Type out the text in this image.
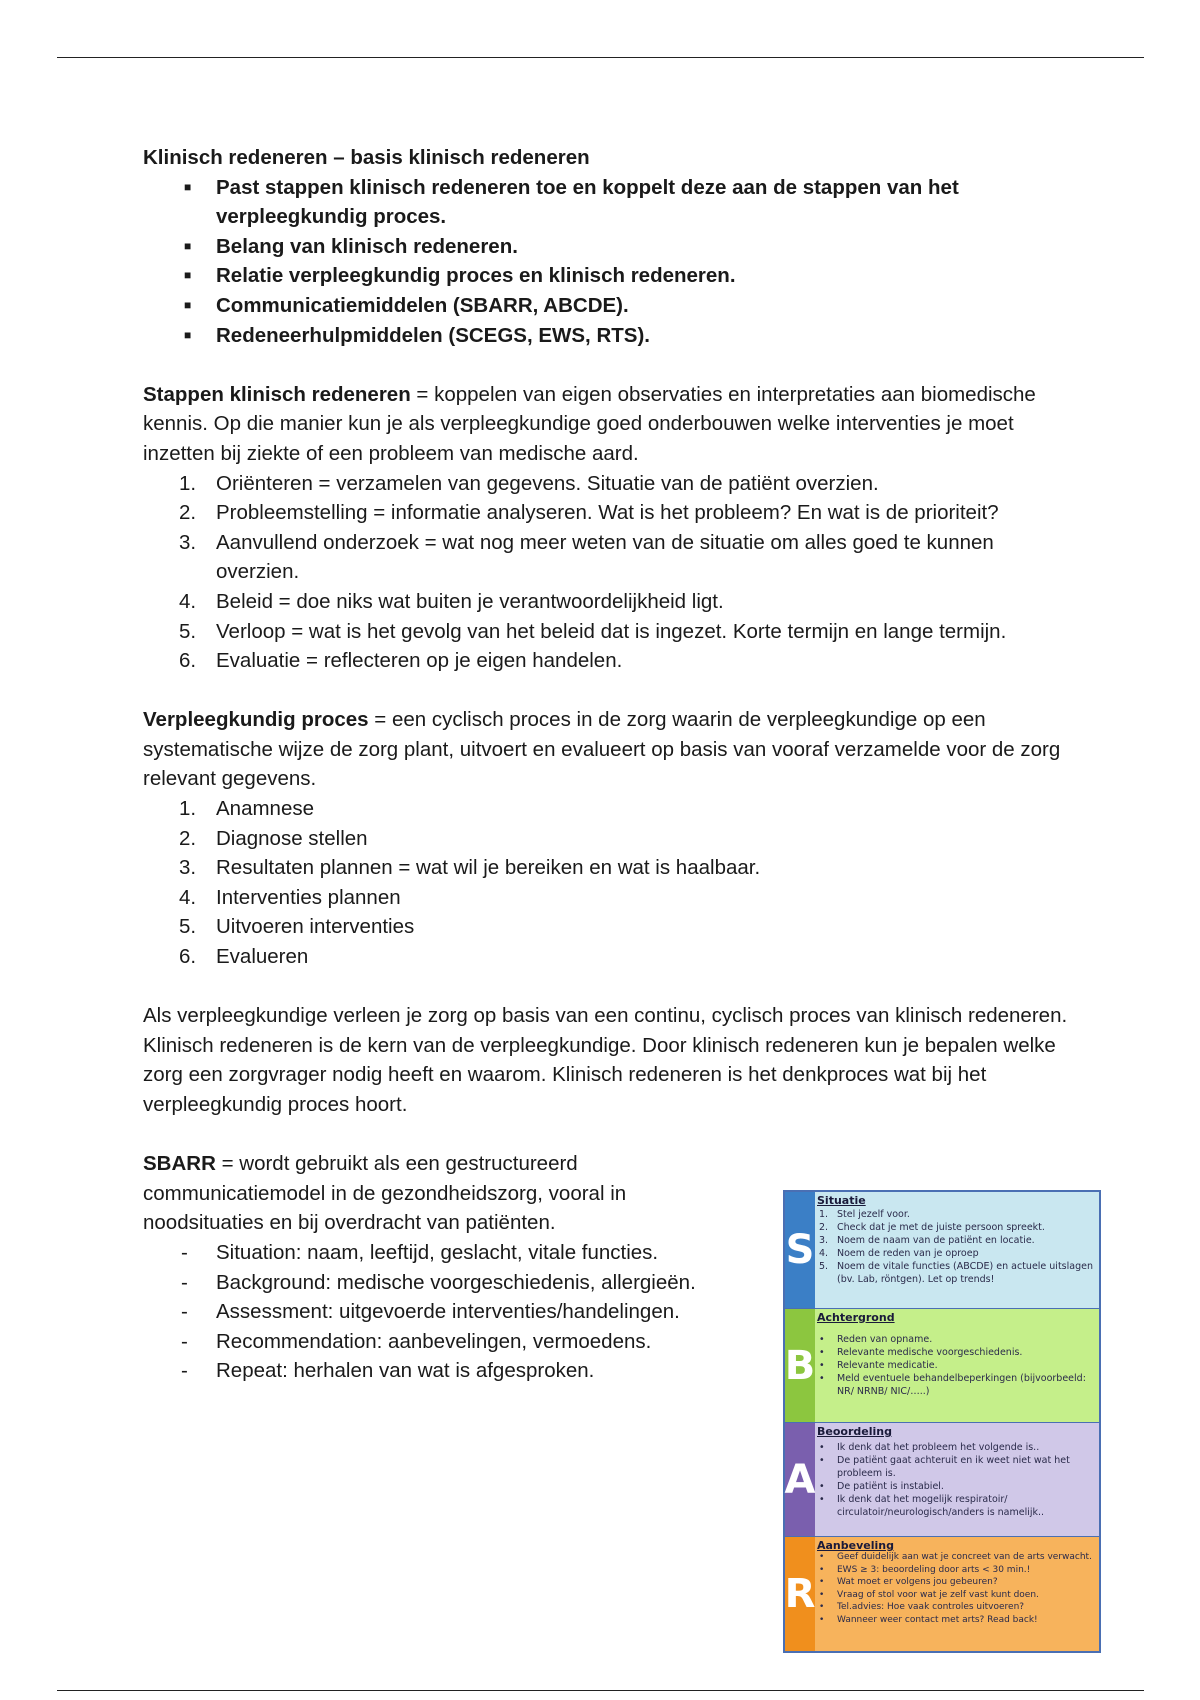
Klinisch redeneren – basis klinisch redeneren

■ Past stappen klinisch redeneren toe en koppelt deze aan de stappen van het verpleegkundig proces.
■ Belang van klinisch redeneren.
■ Relatie verpleegkundig proces en klinisch redeneren.
■ Communicatiemiddelen (SBARR, ABCDE).
■ Redeneerhulpmiddelen (SCEGS, EWS, RTS).

Stappen klinisch redeneren = koppelen van eigen observaties en interpretaties aan biomedische kennis. Op die manier kun je als verpleegkundige goed onderbouwen welke interventies je moet inzetten bij ziekte of een probleem van medische aard.

1. Oriënteren = verzamelen van gegevens. Situatie van de patiënt overzien.
2. Probleemstelling = informatie analyseren. Wat is het probleem? En wat is de prioriteit?
3. Aanvullend onderzoek = wat nog meer weten van de situatie om alles goed te kunnen overzien.
4. Beleid = doe niks wat buiten je verantwoordelijkheid ligt.
5. Verloop = wat is het gevolg van het beleid dat is ingezet. Korte termijn en lange termijn.
6. Evaluatie = reflecteren op je eigen handelen.

Verpleegkundig proces = een cyclisch proces in de zorg waarin de verpleegkundige op een systematische wijze de zorg plant, uitvoert en evalueert op basis van vooraf verzamelde voor de zorg relevant gegevens.

1. Anamnese
2. Diagnose stellen
3. Resultaten plannen = wat wil je bereiken en wat is haalbaar.
4. Interventies plannen
5. Uitvoeren interventies
6. Evalueren

Als verpleegkundige verleen je zorg op basis van een continu, cyclisch proces van klinisch redeneren. Klinisch redeneren is de kern van de verpleegkundige. Door klinisch redeneren kun je bepalen welke zorg een zorgvrager nodig heeft en waarom. Klinisch redeneren is het denkproces wat bij het verpleegkundig proces hoort.

SBARR = wordt gebruikt als een gestructureerd communicatiemodel in de gezondheidszorg, vooral in noodsituaties en bij overdracht van patiënten.

- Situation: naam, leeftijd, geslacht, vitale functies.
- Background: medische voorgeschiedenis, allergieën.
- Assessment: uitgevoerde interventies/handelingen.
- Recommendation: aanbevelingen, vermoedens.
- Repeat: herhalen van wat is afgesproken.
S
Situatie
1. Stel jezelf voor.
2. Check dat je met de juiste persoon spreekt.
3. Noem de naam van de patiënt en locatie.
4. Noem de reden van je oproep
5. Noem de vitale functies (ABCDE) en actuele uitslagen (bv. Lab, röntgen). Let op trends!
B
Achtergrond
• Reden van opname.
• Relevante medische voorgeschiedenis.
• Relevante medicatie.
• Meld eventuele behandelbeperkingen (bijvoorbeeld: NR/ NRNB/ NIC/…..)
A
Beoordeling
• Ik denk dat het probleem het volgende is..
• De patiënt gaat achteruit en ik weet niet wat het probleem is.
• De patiënt is instabiel.
• Ik denk dat het mogelijk respiratoir/ circulatoir/neurologisch/anders is namelijk..
R
Aanbeveling
• Geef duidelijk aan wat je concreet van de arts verwacht.
• EWS ≥ 3: beoordeling door arts < 30 min.!
• Wat moet er volgens jou gebeuren?
• Vraag of stol voor wat je zelf vast kunt doen.
• Tel.advies: Hoe vaak controles uitvoeren?
• Wanneer weer contact met arts? Read back!
